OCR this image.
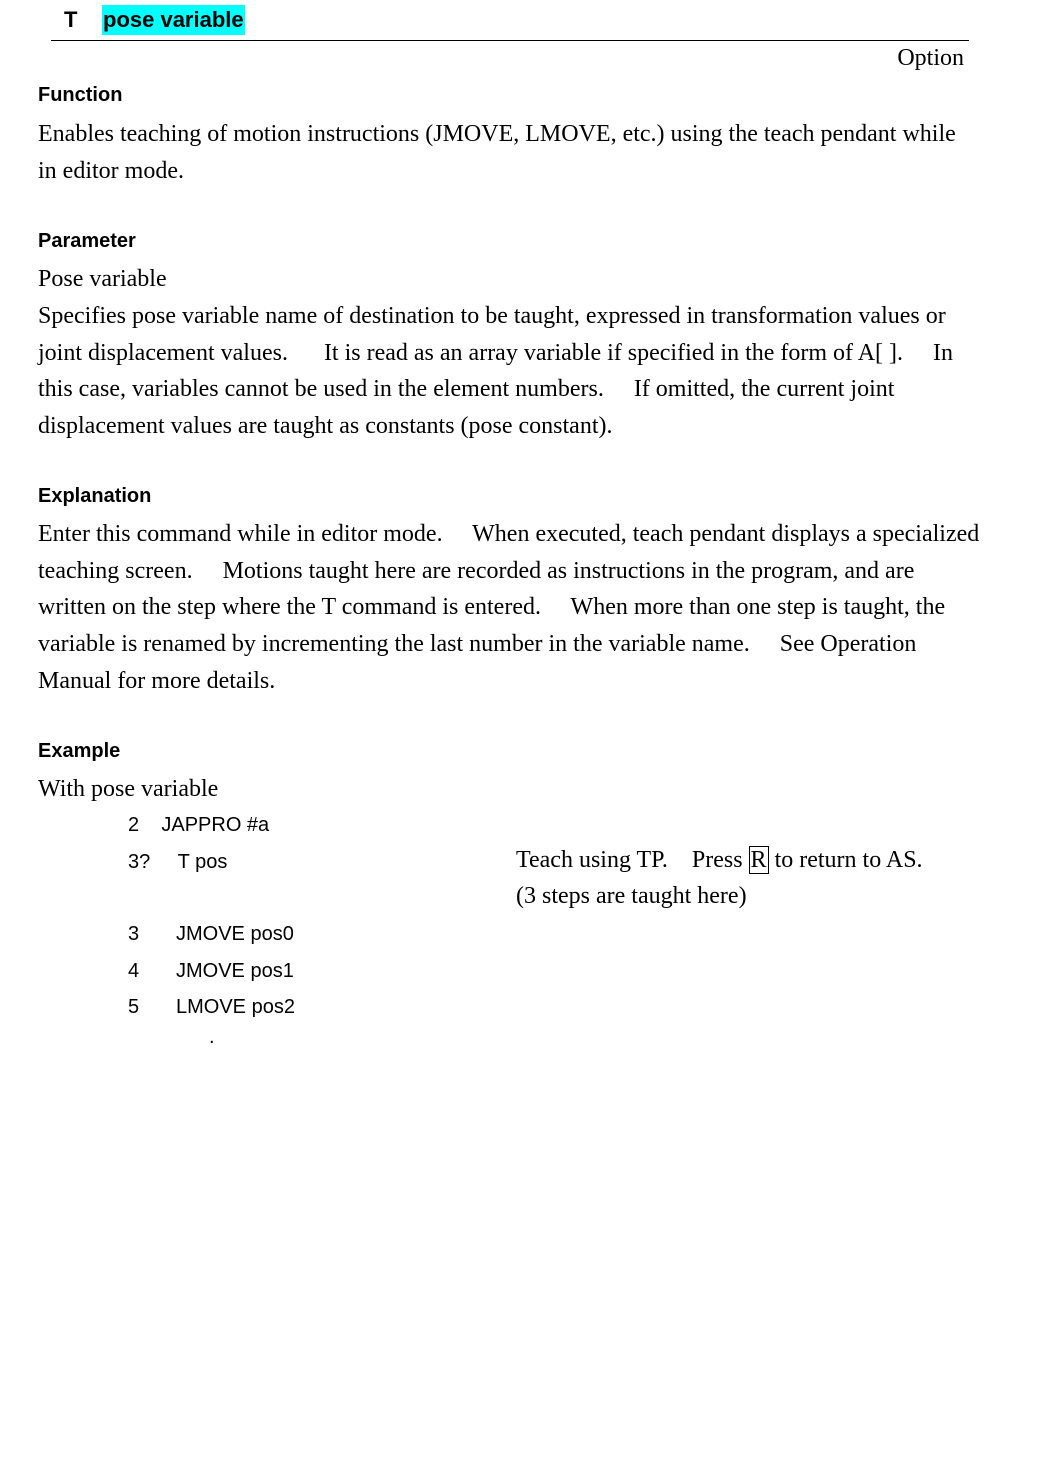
T	pose variable
Option
Function

Enables teaching of motion instructions (JMOVE, LMOVE, etc.) using the teach pendant while
in editor mode.

Parameter

Pose variable

Specifies pose variable name of destination to be taught, expressed in transformation values or
joint displacement values.      It is read as an array variable if specified in the form of A[ ].     In
this case, variables cannot be used in the element numbers.     If omitted, the current joint
displacement values are taught as constants (pose constant).

Explanation

Enter this command while in editor mode.     When executed, teach pendant displays a specialized
teaching screen.     Motions taught here are recorded as instructions in the program, and are
written on the step where the T command is entered.     When more than one step is taught, the
variable is renamed by incrementing the last number in the variable name.     See Operation
Manual for more details.

Example

With pose variable

2    JAPPRO #a
3?     T pos	Teach using TP.    Press R to return to AS.
(3 steps are taught here)
3 JMOVE pos0
4 JMOVE pos1
5 LMOVE pos2
.
